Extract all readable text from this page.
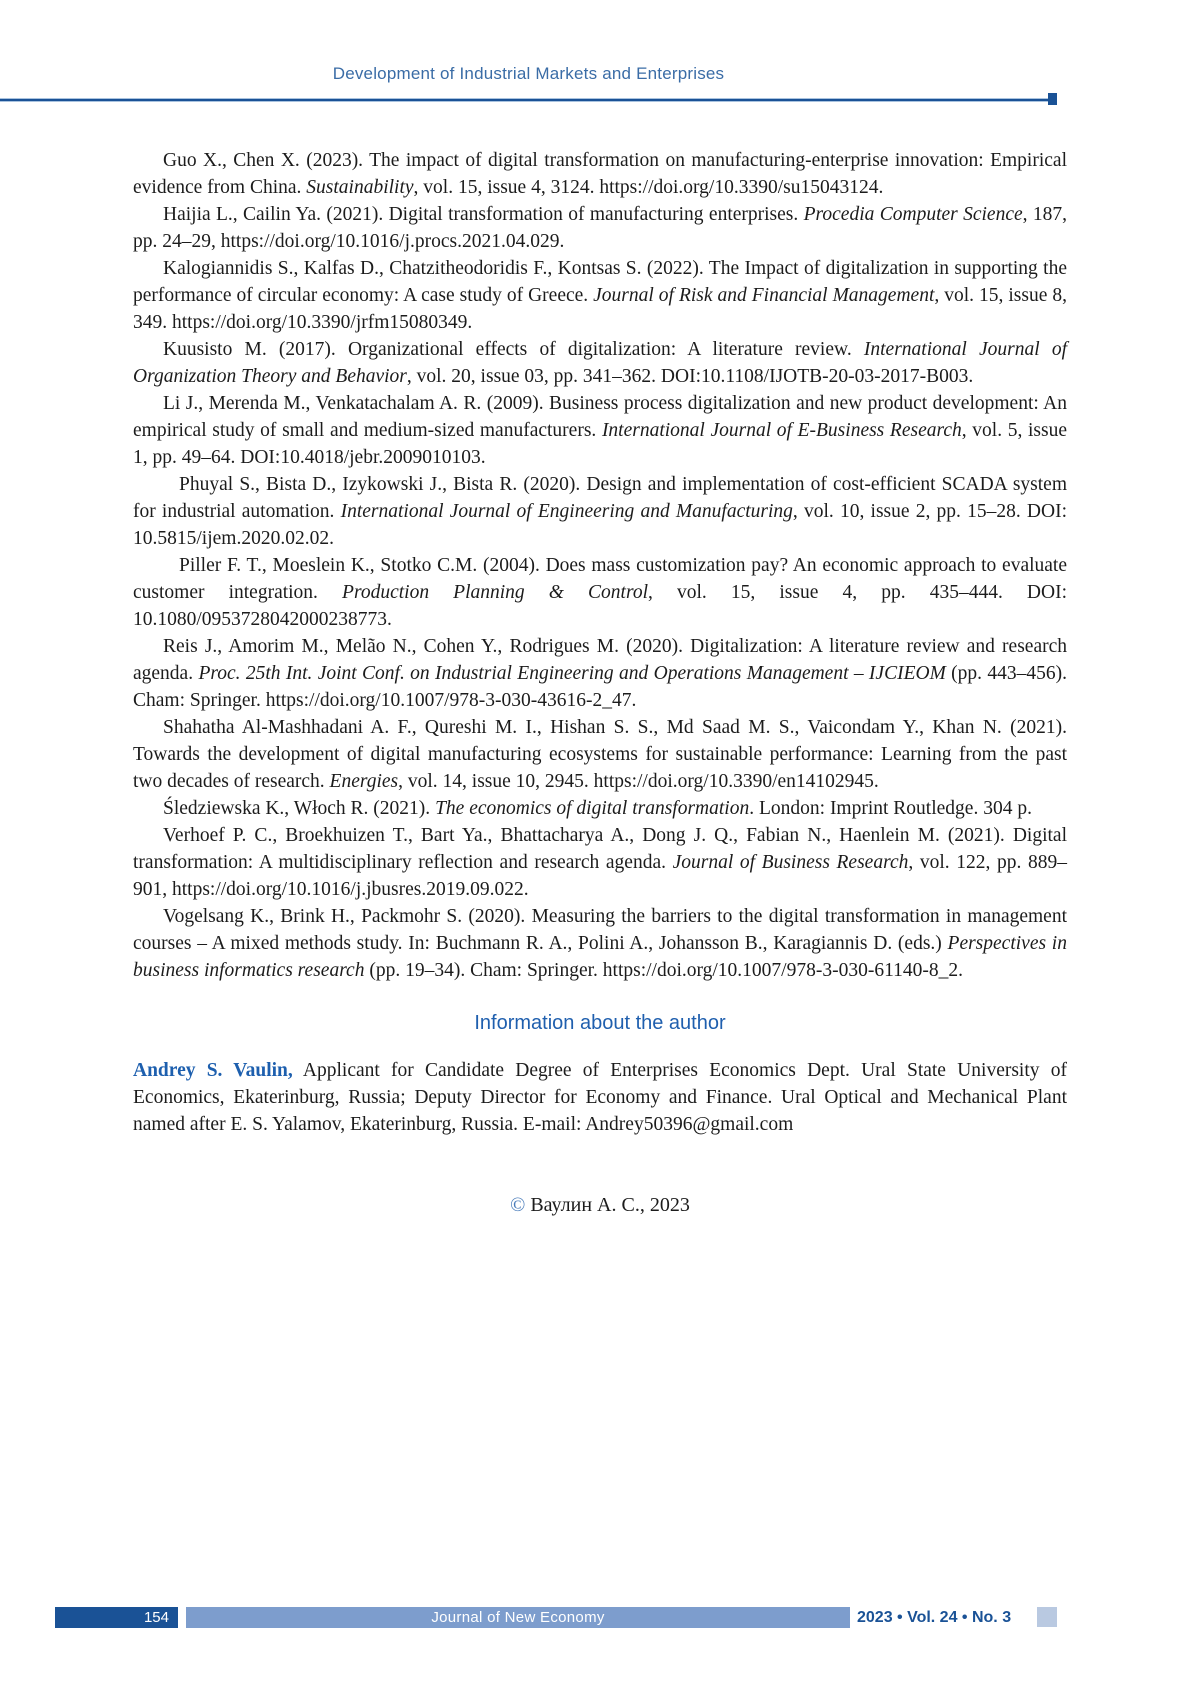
Development of Industrial Markets and Enterprises

Guo X., Chen X. (2023). The impact of digital transformation on manufacturing-enterprise innovation: Empirical evidence from China. Sustainability, vol. 15, issue 4, 3124. https://doi.org/10.3390/su15043124.

Haijia L., Cailin Ya. (2021). Digital transformation of manufacturing enterprises. Procedia Computer Science, 187, pp. 24–29, https://doi.org/10.1016/j.procs.2021.04.029.

Kalogiannidis S., Kalfas D., Chatzitheodoridis F., Kontsas S. (2022). The Impact of digitalization in supporting the performance of circular economy: A case study of Greece. Journal of Risk and Financial Management, vol. 15, issue 8, 349. https://doi.org/10.3390/jrfm15080349.

Kuusisto M. (2017). Organizational effects of digitalization: A literature review. International Journal of Organization Theory and Behavior, vol. 20, issue 03, pp. 341–362. DOI:10.1108/IJOTB-20-03-2017-B003.

Li J., Merenda M., Venkatachalam A. R. (2009). Business process digitalization and new product development: An empirical study of small and medium-sized manufacturers. International Journal of E-Business Research, vol. 5, issue 1, pp. 49–64. DOI:10.4018/jebr.2009010103.

Phuyal S., Bista D., Izykowski J., Bista R. (2020). Design and implementation of cost-efficient SCADA system for industrial automation. International Journal of Engineering and Manufacturing, vol. 10, issue 2, pp. 15–28. DOI: 10.5815/ijem.2020.02.02.

Piller F. T., Moeslein K., Stotko C.M. (2004). Does mass customization pay? An economic approach to evaluate customer integration. Production Planning & Control, vol. 15, issue 4, pp. 435–444. DOI: 10.1080/0953728042000238773.

Reis J., Amorim M., Melão N., Cohen Y., Rodrigues M. (2020). Digitalization: A literature review and research agenda. Proc. 25th Int. Joint Conf. on Industrial Engineering and Operations Management – IJCIEOM (pp. 443–456). Cham: Springer. https://doi.org/10.1007/978-3-030-43616-2_47.

Shahatha Al-Mashhadani A. F., Qureshi M. I., Hishan S. S., Md Saad M. S., Vaicondam Y., Khan N. (2021). Towards the development of digital manufacturing ecosystems for sustainable performance: Learning from the past two decades of research. Energies, vol. 14, issue 10, 2945. https://doi.org/10.3390/en14102945.

Śledziewska K., Włoch R. (2021). The economics of digital transformation. London: Imprint Routledge. 304 p.

Verhoef P. C., Broekhuizen T., Bart Ya., Bhattacharya A., Dong J. Q., Fabian N., Haenlein M. (2021). Digital transformation: A multidisciplinary reflection and research agenda. Journal of Business Research, vol. 122, pp. 889–901, https://doi.org/10.1016/j.jbusres.2019.09.022.

Vogelsang K., Brink H., Packmohr S. (2020). Measuring the barriers to the digital transformation in management courses – A mixed methods study. In: Buchmann R. A., Polini A., Johansson B., Karagiannis D. (eds.) Perspectives in business informatics research (pp. 19–34). Cham: Springer. https://doi.org/10.1007/978-3-030-61140-8_2.

Information about the author

Andrey S. Vaulin, Applicant for Candidate Degree of Enterprises Economics Dept. Ural State University of Economics, Ekaterinburg, Russia; Deputy Director for Economy and Finance. Ural Optical and Mechanical Plant named after E. S. Yalamov, Ekaterinburg, Russia. E-mail: Andrey50396@gmail.com

© Ваулин А. С., 2023
154	Journal of New Economy	2023 • Vol. 24 • No. 3
